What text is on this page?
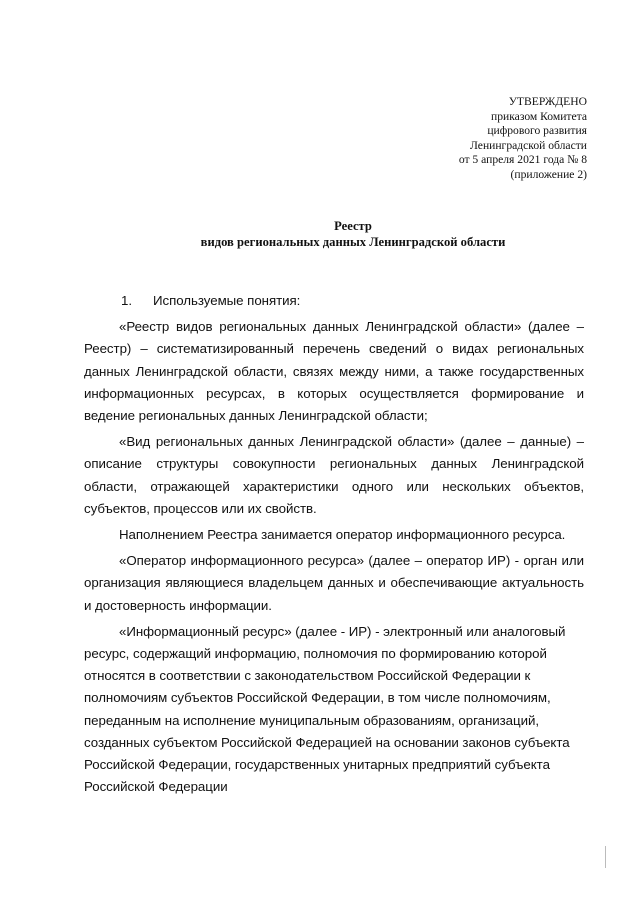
УТВЕРЖДЕНО
приказом Комитета
цифрового развития
Ленинградской области
от 5 апреля 2021 года № 8
(приложение 2)
Реестр
видов региональных данных Ленинградской области

1. Используемые понятия:

«Реестр видов региональных данных Ленинградской области» (далее – Реестр) – систематизированный перечень сведений о видах региональных данных Ленинградской области, связях между ними, а также государственных информационных ресурсах, в которых осуществляется формирование и ведение региональных данных Ленинградской области;

«Вид региональных данных Ленинградской области» (далее – данные) – описание структуры совокупности региональных данных Ленинградской области, отражающей характеристики одного или нескольких объектов, субъектов, процессов или их свойств.

Наполнением Реестра занимается оператор информационного ресурса.

«Оператор информационного ресурса» (далее – оператор ИР) - орган или организация являющиеся владельцем данных и обеспечивающие актуальность и достоверность информации.

«Информационный ресурс» (далее - ИР) - электронный или аналоговый ресурс, содержащий информацию, полномочия по формированию которой относятся в соответствии с законодательством Российской Федерации к полномочиям субъектов Российской Федерации, в том числе полномочиям, переданным на исполнение муниципальным образованиям, организаций, созданных субъектом Российской Федерацией на основании законов субъекта Российской Федерации, государственных унитарных предприятий субъекта Российской Федерации
